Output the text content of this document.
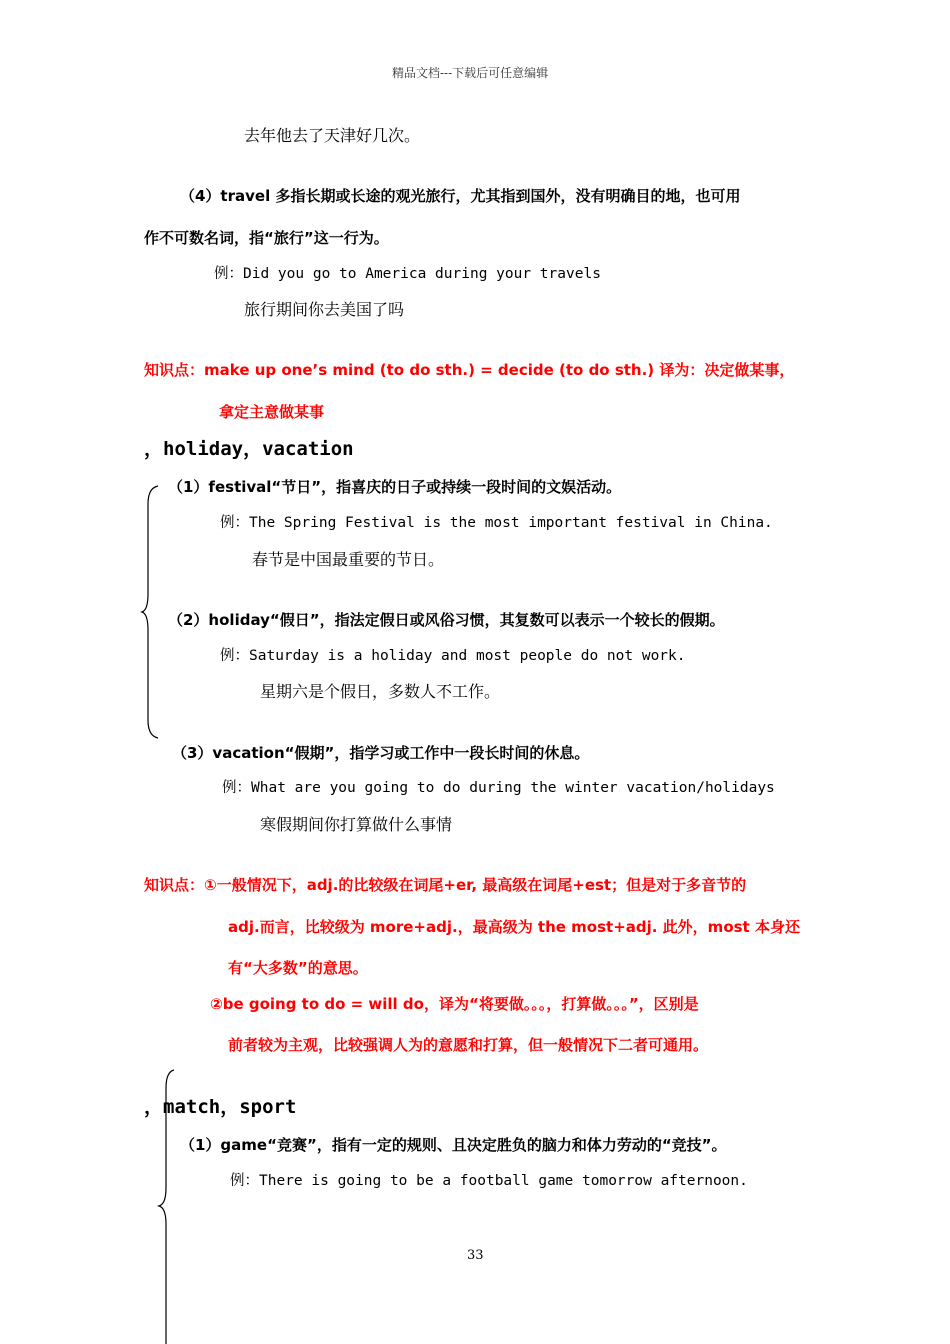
精品文档---下载后可任意编辑
去年他去了天津好几次。
（4）travel 多指长期或长途的观光旅行，尤其指到国外，没有明确目的地，也可用
作不可数名词，指“旅行”这一行为。
例：Did you go to America during your travels
旅行期间你去美国了吗
知识点：make up one’s mind (to do sth.) = decide (to do sth.) 译为：决定做某事，
拿定主意做某事
，holiday，vacation
（1）festival“节日”，指喜庆的日子或持续一段时间的文娱活动。
例：The Spring Festival is the most important festival in China.
春节是中国最重要的节日。
（2）holiday“假日”，指法定假日或风俗习惯，其复数可以表示一个较长的假期。
例：Saturday is a holiday and most people do not work.
星期六是个假日，多数人不工作。
（3）vacation“假期”，指学习或工作中一段长时间的休息。
例：What are you going to do during the winter vacation/holidays
寒假期间你打算做什么事情
知识点：①一般情况下，adj.的比较级在词尾+er, 最高级在词尾+est；但是对于多音节的
adj.而言，比较级为 more+adj.，最高级为 the most+adj. 此外，most 本身还
有“大多数”的意思。
②be going to do = will do，译为“将要做。。。，打算做。。。”，区别是
前者较为主观，比较强调人为的意愿和打算，但一般情况下二者可通用。
，match，sport
（1）game“竞赛”，指有一定的规则、且决定胜负的脑力和体力劳动的“竞技”。
例：There is going to be a football game tomorrow afternoon.
33
